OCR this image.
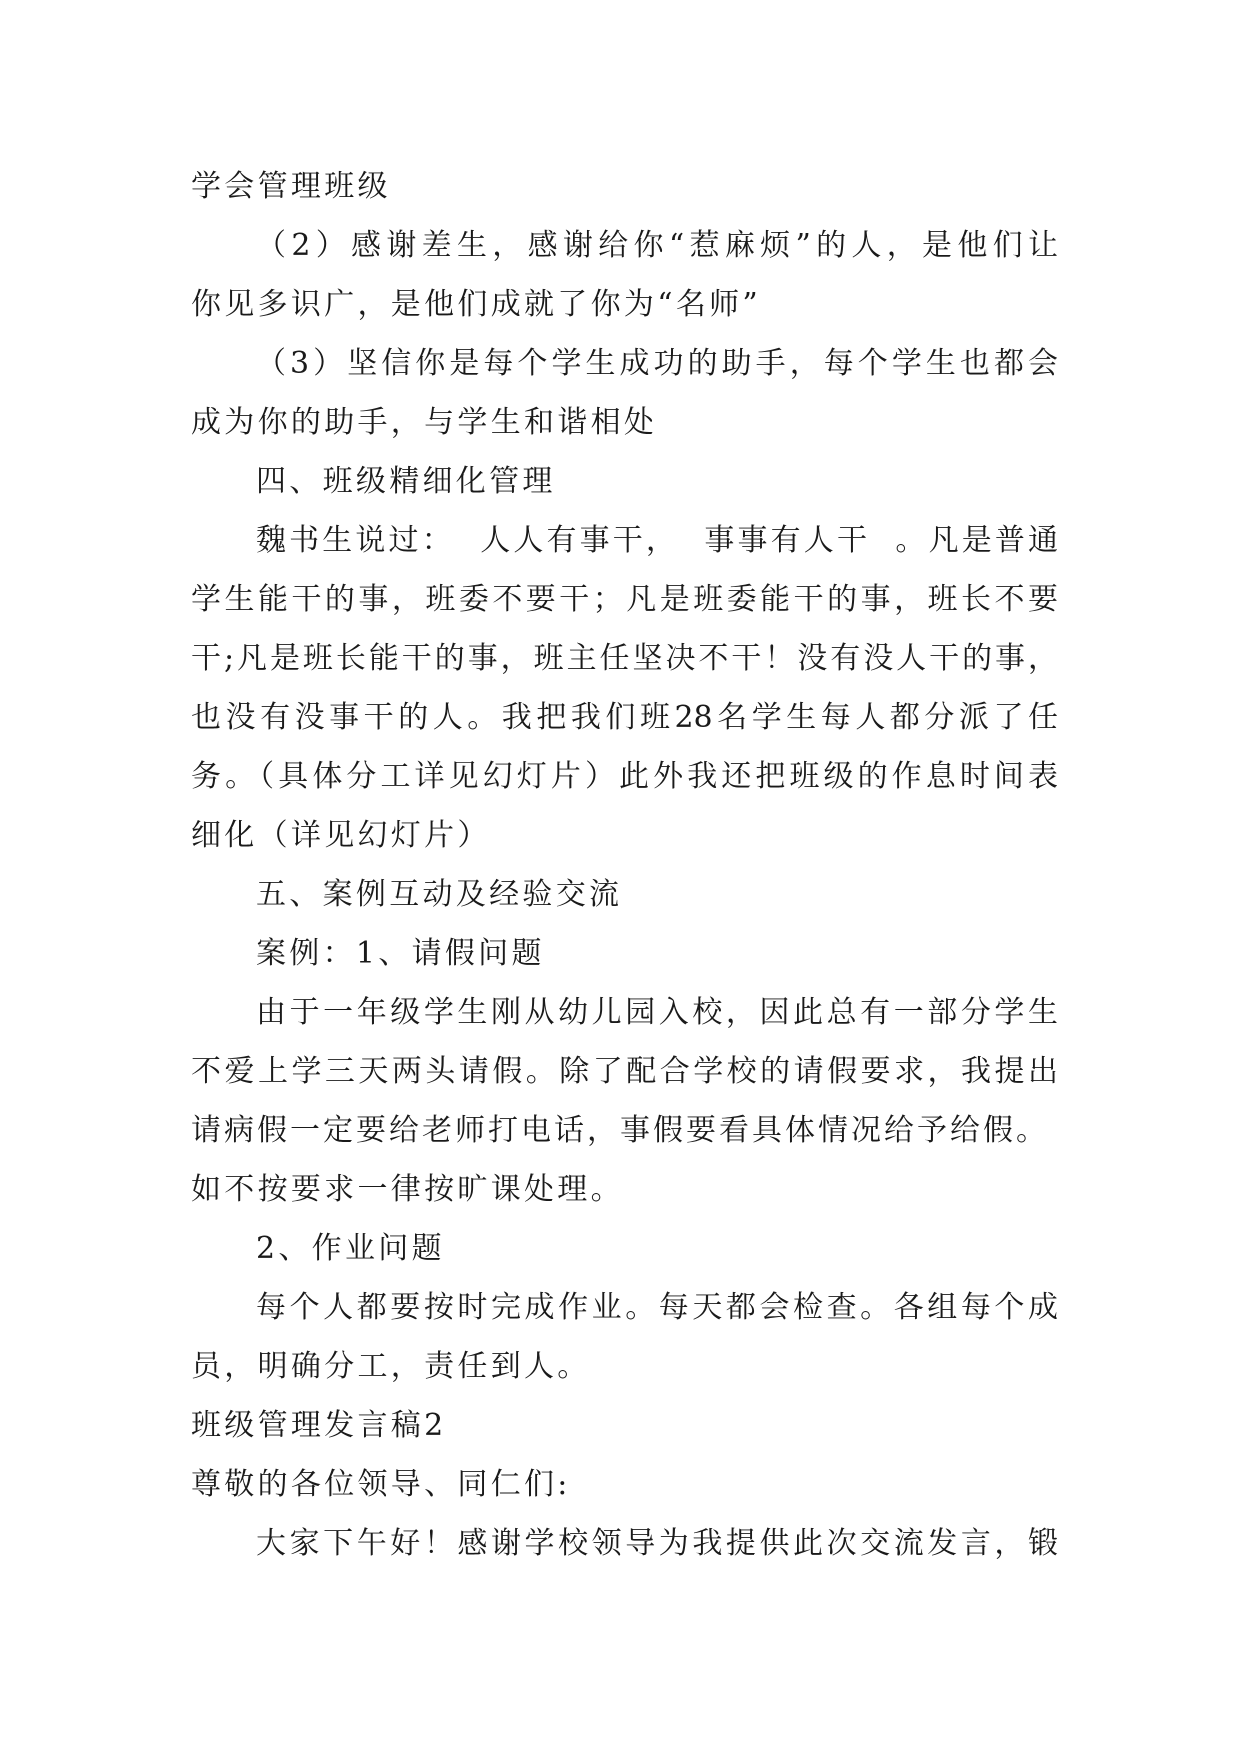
学会管理班级
（2）感谢差生，感谢给你“惹麻烦”的人，是他们让
你见多识广，是他们成就了你为“名师”
（3）坚信你是每个学生成功的助手，每个学生也都会
成为你的助手，与学生和谐相处
四、班级精细化管理
魏书生说过：  人人有事干，  事事有人干  。凡是普通
学生能干的事，班委不要干；凡是班委能干的事，班长不要
干;凡是班长能干的事，班主任坚决不干！没有没人干的事，
也没有没事干的人。我把我们班28名学生每人都分派了任
务。（具体分工详见幻灯片）此外我还把班级的作息时间表
细化（详见幻灯片）
五、案例互动及经验交流
案例：1、请假问题
由于一年级学生刚从幼儿园入校，因此总有一部分学生
不爱上学三天两头请假。除了配合学校的请假要求，我提出
请病假一定要给老师打电话，事假要看具体情况给予给假。
如不按要求一律按旷课处理。
2、作业问题
每个人都要按时完成作业。每天都会检查。各组每个成
员，明确分工，责任到人。
班级管理发言稿2
尊敬的各位领导、同仁们:
大家下午好！感谢学校领导为我提供此次交流发言，锻
